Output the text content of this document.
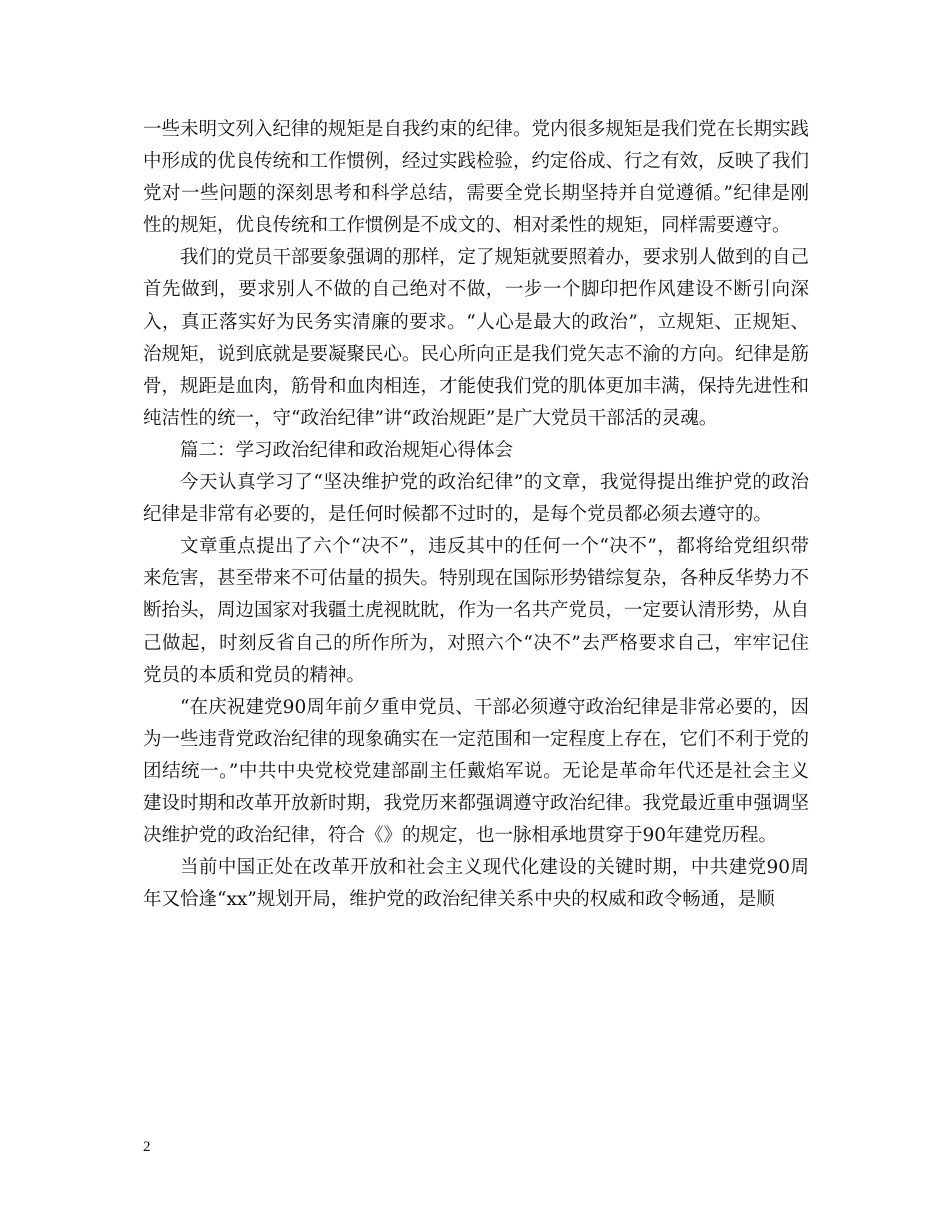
一些未明文列入纪律的规矩是自我约束的纪律。党内很多规矩是我们党在长期实践中形成的优良传统和工作惯例，经过实践检验，约定俗成、行之有效，反映了我们党对一些问题的深刻思考和科学总结，需要全党长期坚持并自觉遵循。”纪律是刚性的规矩，优良传统和工作惯例是不成文的、相对柔性的规矩，同样需要遵守。

我们的党员干部要象强调的那样，定了规矩就要照着办，要求别人做到的自己首先做到，要求别人不做的自己绝对不做，一步一个脚印把作风建设不断引向深入，真正落实好为民务实清廉的要求。“人心是最大的政治”，立规矩、正规矩、治规矩，说到底就是要凝聚民心。民心所向正是我们党矢志不渝的方向。纪律是筋骨，规距是血肉，筋骨和血肉相连，才能使我们党的肌体更加丰满，保持先进性和纯洁性的统一，守“政治纪律”讲“政治规距”是广大党员干部活的灵魂。

篇二：学习政治纪律和政治规矩心得体会

今天认真学习了“坚决维护党的政治纪律”的文章，我觉得提出维护党的政治纪律是非常有必要的，是任何时候都不过时的，是每个党员都必须去遵守的。

文章重点提出了六个“决不”，违反其中的任何一个“决不”，都将给党组织带来危害，甚至带来不可估量的损失。特别现在国际形势错综复杂，各种反华势力不断抬头，周边国家对我疆土虎视眈眈，作为一名共产党员，一定要认清形势，从自己做起，时刻反省自己的所作所为，对照六个“决不”去严格要求自己，牢牢记住党员的本质和党员的精神。

“在庆祝建党90周年前夕重申党员、干部必须遵守政治纪律是非常必要的，因为一些违背党政治纪律的现象确实在一定范围和一定程度上存在，它们不利于党的团结统一。”中共中央党校党建部副主任戴焰军说。无论是革命年代还是社会主义建设时期和改革开放新时期，我党历来都强调遵守政治纪律。我党最近重申强调坚决维护党的政治纪律，符合《》的规定，也一脉相承地贯穿于90年建党历程。

当前中国正处在改革开放和社会主义现代化建设的关键时期，中共建党90周年又恰逢“xx”规划开局，维护党的政治纪律关系中央的权威和政令畅通，是顺

2
